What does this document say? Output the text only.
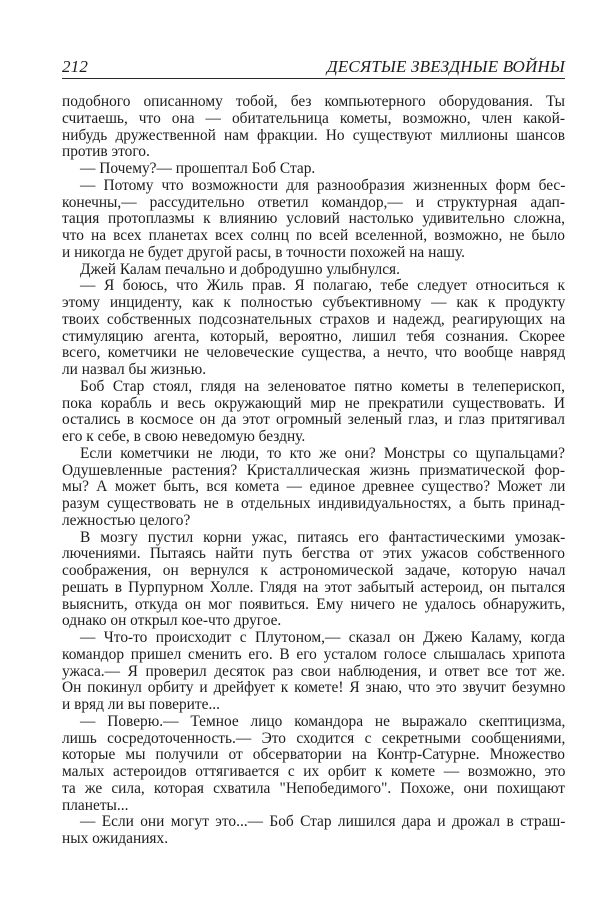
212	ДЕСЯТЫЕ ЗВЕЗДНЫЕ ВОЙНЫ
подобного описанному тобой, без компьютерного оборудования. Ты
считаешь, что она — обитательница кометы, возможно, член какой-
нибудь дружественной нам фракции. Но существуют миллионы шансов
против этого.
— Почему?— прошептал Боб Стар.
— Потому что возможности для разнообразия жизненных форм бес-
конечны,— рассудительно ответил командор,— и структурная адап-
тация протоплазмы к влиянию условий настолько удивительно сложна,
что на всех планетах всех солнц по всей вселенной, возможно, не было
и никогда не будет другой расы, в точности похожей на нашу.
Джей Калам печально и добродушно улыбнулся.
— Я боюсь, что Жиль прав. Я полагаю, тебе следует относиться к
этому инциденту, как к полностью субъективному — как к продукту
твоих собственных подсознательных страхов и надежд, реагирующих на
стимуляцию агента, который, вероятно, лишил тебя сознания. Скорее
всего, кометчики не человеческие существа, а нечто, что вообще навряд
ли назвал бы жизнью.
Боб Стар стоял, глядя на зеленоватое пятно кометы в телеперископ,
пока корабль и весь окружающий мир не прекратили существовать. И
остались в космосе он да этот огромный зеленый глаз, и глаз притягивал
его к себе, в свою неведомую бездну.
Если кометчики не люди, то кто же они? Монстры со щупальцами?
Одушевленные растения? Кристаллическая жизнь призматической фор-
мы? А может быть, вся комета — единое древнее существо? Может ли
разум существовать не в отдельных индивидуальностях, а быть принад-
лежностью целого?
В мозгу пустил корни ужас, питаясь его фантастическими умозак-
лючениями. Пытаясь найти путь бегства от этих ужасов собственного
соображения, он вернулся к астрономической задаче, которую начал
решать в Пурпурном Холле. Глядя на этот забытый астероид, он пытался
выяснить, откуда он мог появиться. Ему ничего не удалось обнаружить,
однако он открыл кое-что другое.
— Что-то происходит с Плутоном,— сказал он Джею Каламу, когда
командор пришел сменить его. В его усталом голосе слышалась хрипота
ужаса.— Я проверил десяток раз свои наблюдения, и ответ все тот же.
Он покинул орбиту и дрейфует к комете! Я знаю, что это звучит безумно
и вряд ли вы поверите...
— Поверю.— Темное лицо командора не выражало скептицизма,
лишь сосредоточенность.— Это сходится с секретными сообщениями,
которые мы получили от обсерватории на Контр-Сатурне. Множество
малых астероидов оттягивается с их орбит к комете — возможно, это
та же сила, которая схватила "Непобедимого". Похоже, они похищают
планеты...
— Если они могут это...— Боб Стар лишился дара и дрожал в страш-
ных ожиданиях.
